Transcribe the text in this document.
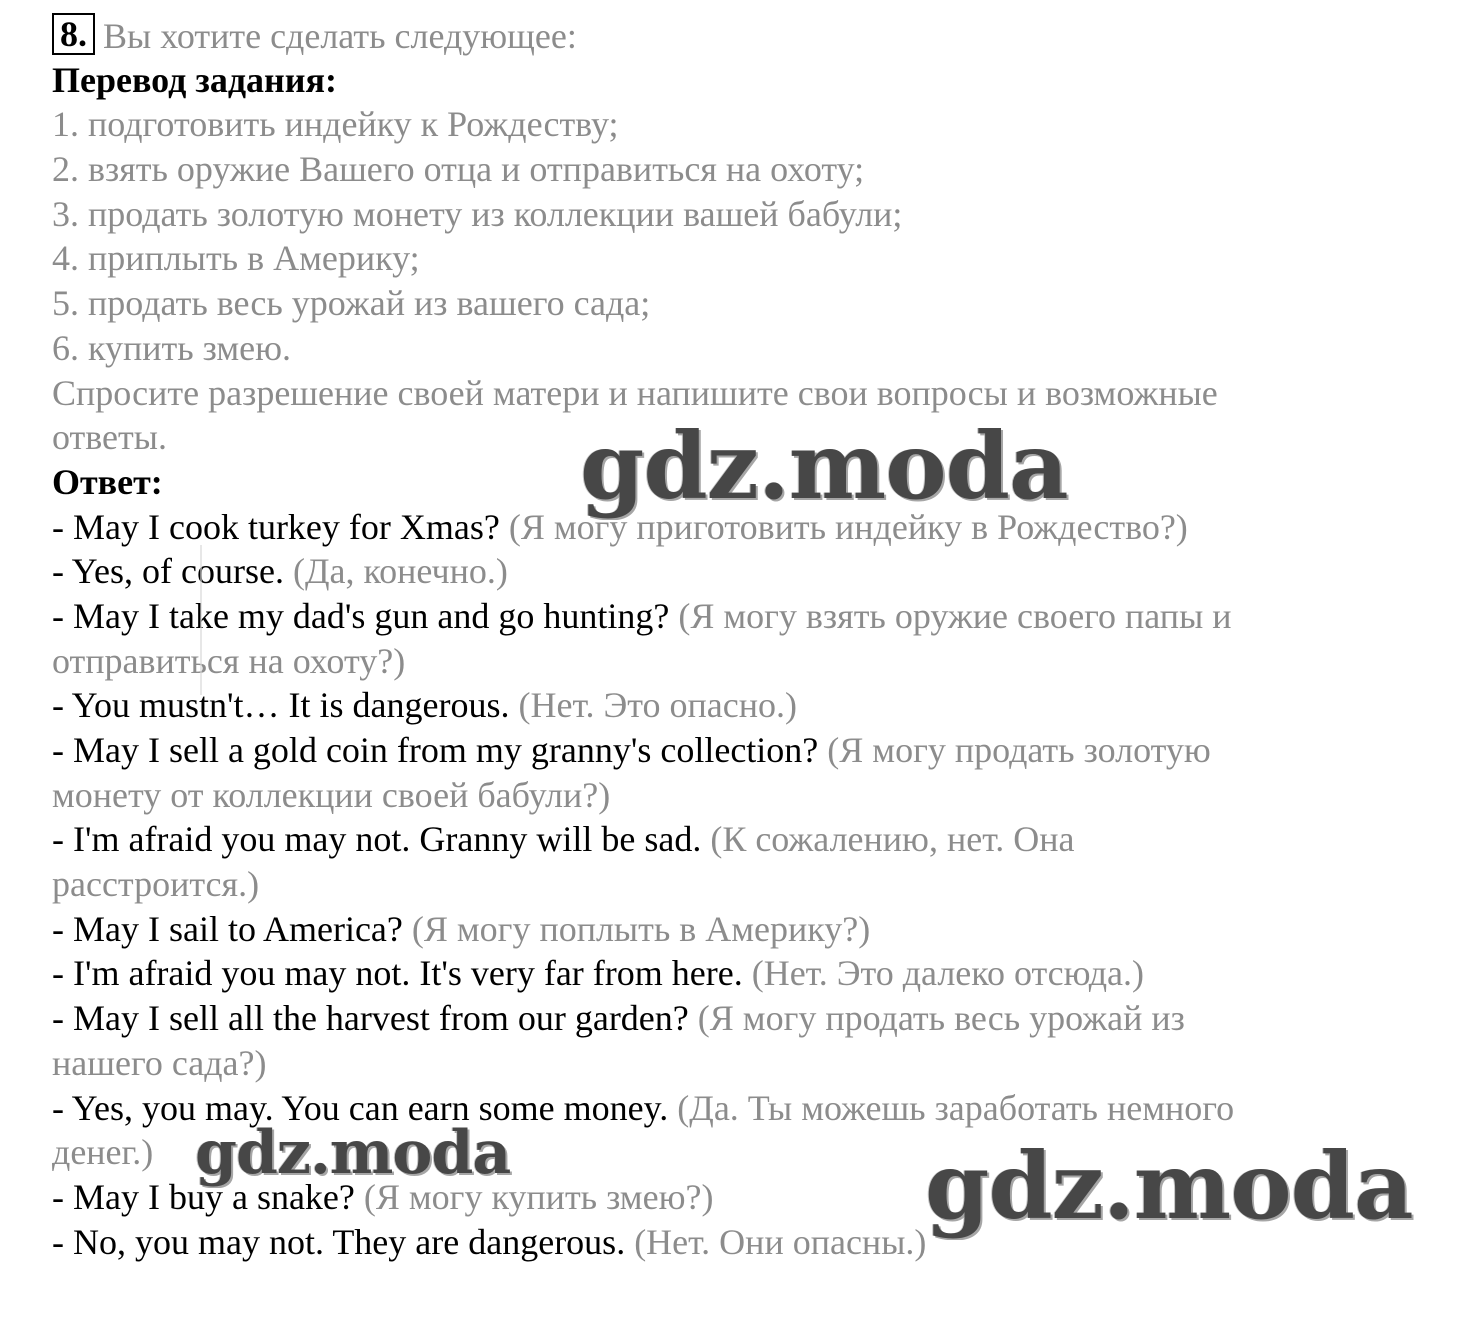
8. Вы хотите сделать следующее:
Перевод задания:
1. подготовить индейку к Рождеству;
2. взять оружие Вашего отца и отправиться на охоту;
3. продать золотую монету из коллекции вашей бабули;
4. приплыть в Америку;
5. продать весь урожай из вашего сада;
6. купить змею.
Спросите разрешение своей матери и напишите свои вопросы и возможные
ответы.
Ответ:
- May I cook turkey for Xmas? (Я могу приготовить индейку в Рождество?)
- Yes, of course. (Да, конечно.)
- May I take my dad's gun and go hunting? (Я могу взять оружие своего папы и
отправиться на охоту?)
- You mustn't… It is dangerous. (Нет. Это опасно.)
- May I sell a gold coin from my granny's collection? (Я могу продать золотую
монету от коллекции своей бабули?)
- I'm afraid you may not. Granny will be sad. (К сожалению, нет. Она
расстроится.)
- May I sail to America? (Я могу поплыть в Америку?)
- I'm afraid you may not. It's very far from here. (Нет. Это далеко отсюда.)
- May I sell all the harvest from our garden? (Я могу продать весь урожай из
нашего сада?)
- Yes, you may. You can earn some money. (Да. Ты можешь заработать немного
денег.)
- May I buy a snake? (Я могу купить змею?)
- No, you may not. They are dangerous. (Нет. Они опасны.)
gdz.moda
gdz.moda	gdz.moda
